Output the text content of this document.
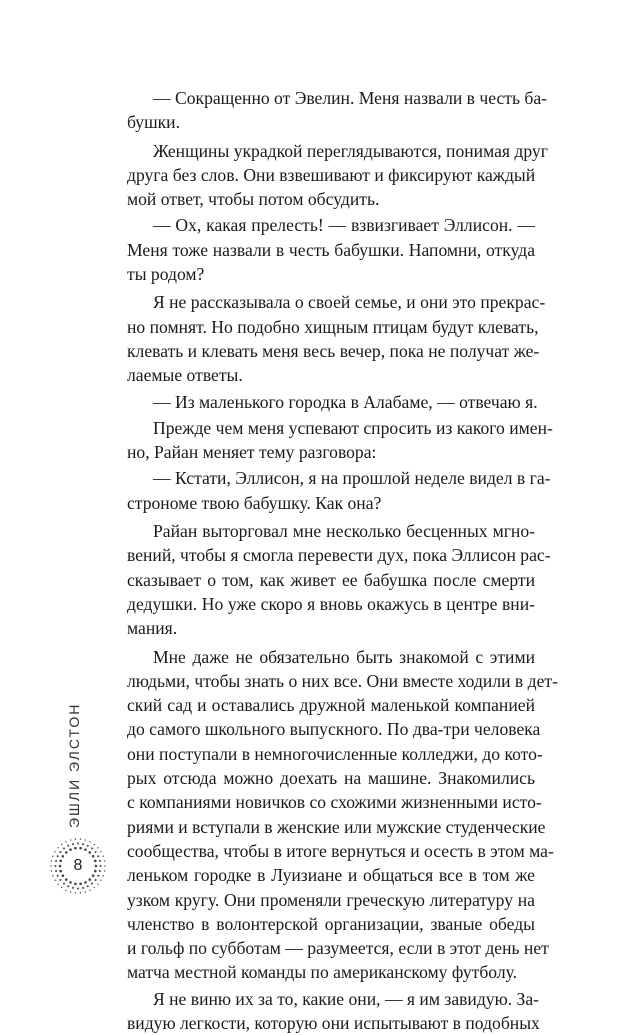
— Сокращенно от Эвелин. Меня назвали в честь ба-
бушки.

Женщины украдкой переглядываются, понимая друг
друга без слов. Они взвешивают и фиксируют каждый
мой ответ, чтобы потом обсудить.

— Ох, какая прелесть! — взвизгивает Эллисон. —
Меня тоже назвали в честь бабушки. Напомни, откуда
ты родом?

Я не рассказывала о своей семье, и они это прекрас-
но помнят. Но подобно хищным птицам будут клевать,
клевать и клевать меня весь вечер, пока не получат же-
лаемые ответы.

— Из маленького городка в Алабаме, — отвечаю я.

Прежде чем меня успевают спросить из какого имен-
но, Райан меняет тему разговора:

— Кстати, Эллисон, я на прошлой неделе видел в га-
строноме твою бабушку. Как она?

Райан выторговал мне несколько бесценных мгно-
вений, чтобы я смогла перевести дух, пока Эллисон рас-
сказывает о том, как живет ее бабушка после смерти
дедушки. Но уже скоро я вновь окажусь в центре вни-
мания.

Мне даже не обязательно быть знакомой с этими
людьми, чтобы знать о них все. Они вместе ходили в дет-
ский сад и оставались дружной маленькой компанией
до самого школьного выпускного. По два-три человека
они поступали в немногочисленные колледжи, до кото-
рых отсюда можно доехать на машине. Знакомились
с компаниями новичков со схожими жизненными исто-
риями и вступали в женские или мужские студенческие
сообщества, чтобы в итоге вернуться и осесть в этом ма-
леньком городке в Луизиане и общаться все в том же
узком кругу. Они променяли греческую литературу на
членство в волонтерской организации, званые обеды
и гольф по субботам — разумеется, если в этот день нет
матча местной команды по американскому футболу.

Я не виню их за то, какие они, — я им завидую. За-
видую легкости, которую они испытывают в подобных

ЭШЛИ ЭЛСТОН
8
